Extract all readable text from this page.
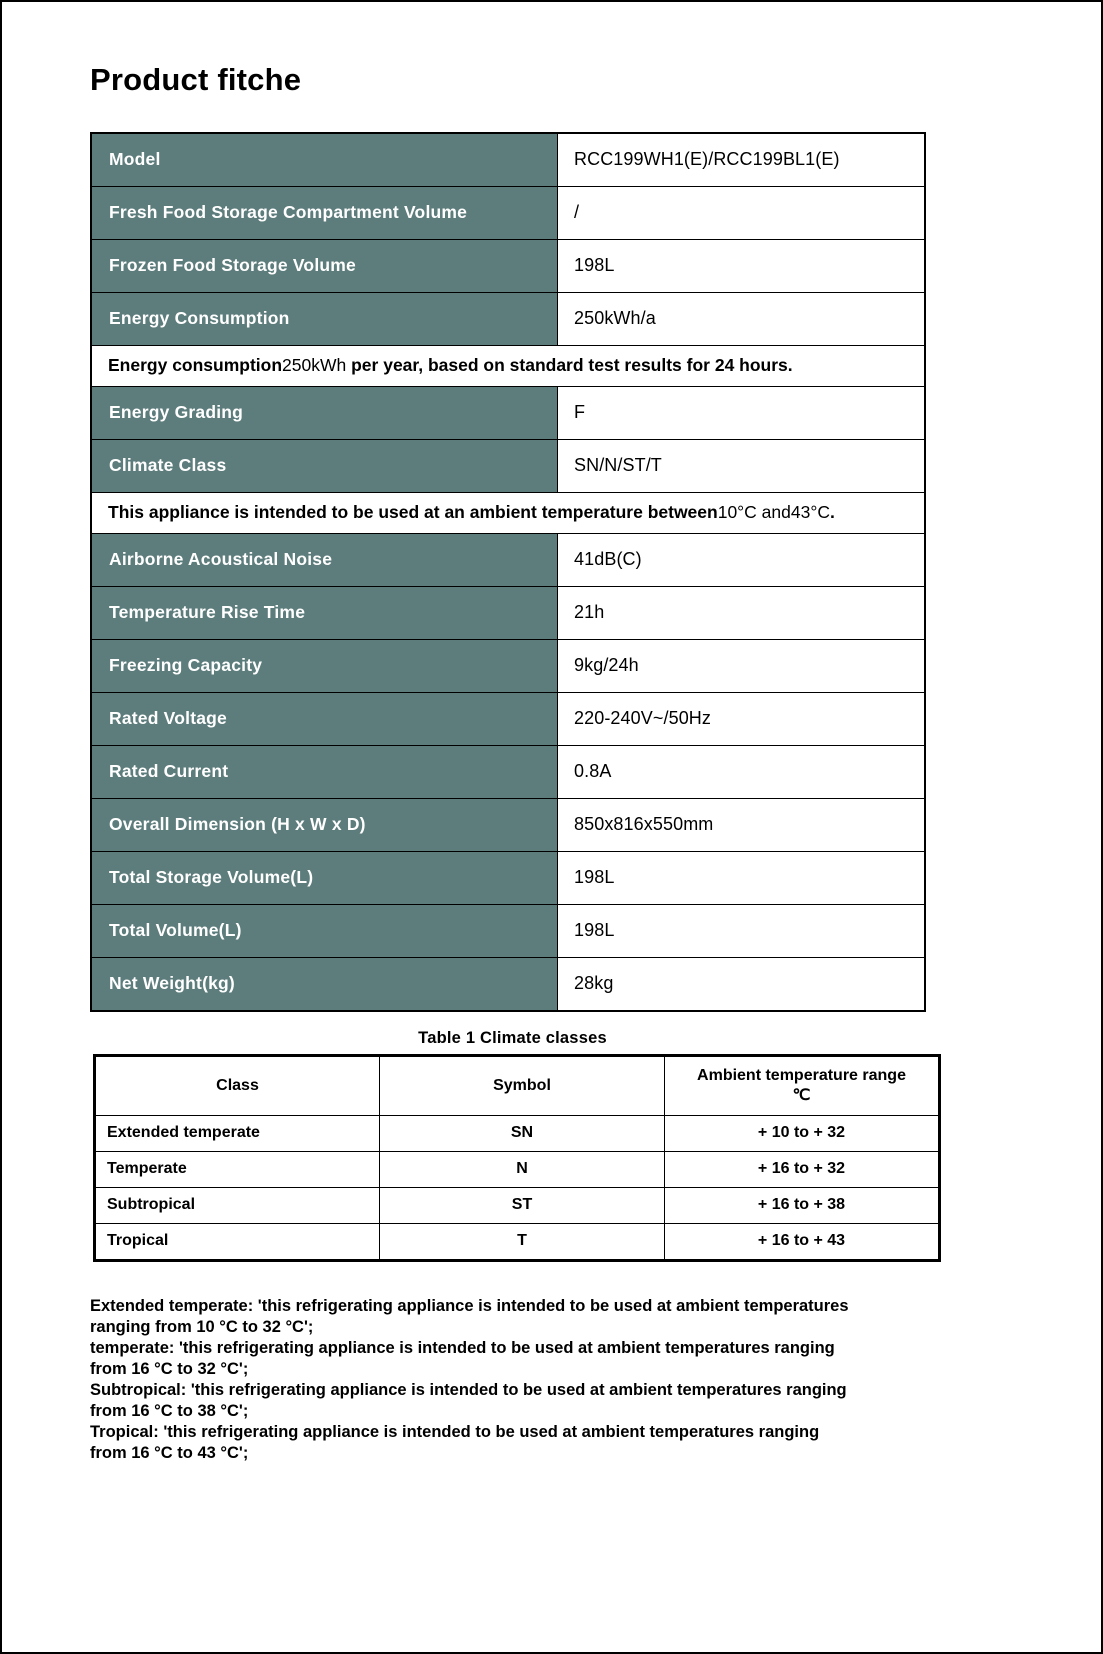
Product fitche
Model	RCC199WH1(E)/RCC199BL1(E)
Fresh Food Storage Compartment Volume	/
Frozen Food Storage Volume	198L
Energy Consumption	250kWh/a
Energy consumption250kWh per year, based on standard test results for 24 hours.	
Energy Grading	F
Climate Class	SN/N/ST/T
This appliance is intended to be used at an ambient temperature between10°C and43°C.	
Airborne Acoustical Noise	41dB(C)
Temperature Rise Time	21h
Freezing Capacity	9kg/24h
Rated Voltage	220-240V~/50Hz
Rated Current	0.8A
Overall Dimension (H x W x D)	850x816x550mm
Total Storage Volume(L)	198L
Total Volume(L)	198L
Net Weight(kg)	28kg
Table 1 Climate classes
Class	Symbol	Ambient temperature range
℃
Extended temperate	SN	+ 10 to + 32
Temperate	N	+ 16 to + 32
Subtropical	ST	+ 16 to + 38
Tropical	T	+ 16 to + 43

Extended temperate: 'this refrigerating appliance is intended to be used at ambient temperatures

ranging from 10 °C to 32 °C';

temperate: 'this refrigerating appliance is intended to be used at ambient temperatures ranging

from 16 °C to 32 °C';

Subtropical: 'this refrigerating appliance is intended to be used at ambient temperatures ranging

from 16 °C to 38 °C';

Tropical: 'this refrigerating appliance is intended to be used at ambient temperatures ranging

from 16 °C to 43 °C';
